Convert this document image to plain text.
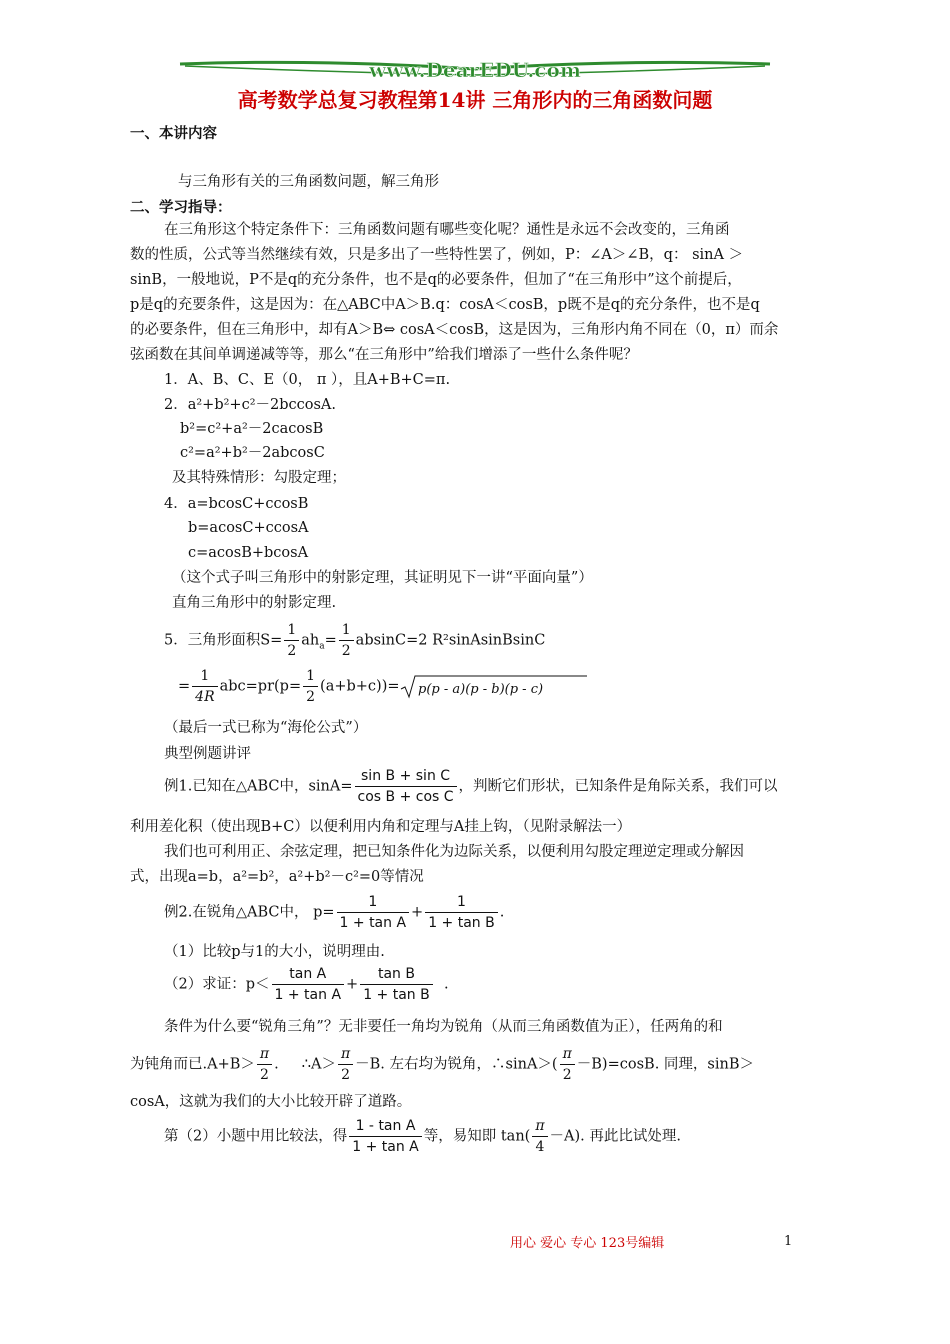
www.DearEDU.com
高考数学总复习教程第14讲 三角形内的三角函数问题
一、本讲内容
与三角形有关的三角函数问题，解三角形
二、学习指导：
在三角形这个特定条件下：三角函数问题有哪些变化呢？通性是永远不会改变的，三角函
数的性质，公式等当然继续有效，只是多出了一些特性罢了，例如，P：∠A＞∠B，q： sinA ＞
sinB，一般地说，P不是q的充分条件，也不是q的必要条件，但加了“在三角形中”这个前提后，
p是q的充要条件，这是因为：在△ABC中A＞B.q：cosA＜cosB，p既不是q的充分条件，也不是q
的必要条件，但在三角形中，却有A＞B⇔ cosA＜cosB，这是因为，三角形内角不同在（0，π）而余
弦函数在其间单调递减等等，那么“在三角形中”给我们增添了一些什么条件呢？
1．A、B、C、E（0， π ），且A+B+C=π.
2．a²+b²+c²－2bccosA.
b²=c²+a²－2cacosB
c²=a²+b²－2abcosC
及其特殊情形：勾股定理；
4．a=bcosC+ccosB
b=acosC+ccosA
c=acosB+bcosA
（这个式子叫三角形中的射影定理，其证明见下一讲“平面向量”）
直角三角形中的射影定理.
5．三角形面积$S= \frac{1}{2} ah_a= \frac{1}{2} absinC=2$ R²sinAsinBsinC
= $\frac{1}{4R} abc=pr(p= \frac{1}{2} (a+b+c))= p(p - a)(p - b)(p - c)$
（最后一式已称为“海伦公式”）
典型例题讲评
例1.已知在△ABC中，$\sin A= \frac{\text{sin B + sin C}}{\text{cos B + cos C}}$ ，判断它们形状，已知条件是角际关系，我们可以
利用差化积（使出现B+C）以便利用内角和定理与A挂上钩，（见附录解法一）
我们也可利用正、余弦定理，把已知条件化为边际关系，以便利用勾股定理逆定理或分解因
式，出现a=b，a²=b²，a²+b²－c²=0等情况
例2.在锐角△ABC中， $p= \frac{1}{\text{1 + tan A}} + \frac{1}{\text{1 + tan B}}$ .
（1）比较p与1的大小，说明理由.
（2）求证：$p< \frac{\text{tan A}}{\text{1 + tan A}} + \frac{\text{tan B}}{\text{1 + tan B}}$ .
条件为什么要“锐角三角”？无非要任一角均为锐角（从而三角函数值为正），任两角的和
为钝角而已$.A+B> \frac{\pi}{2}$ .     ∴A＞ $\frac{\pi}{2} -B$. 左右均为锐角，∴sinA＞( $\frac{\pi}{2} -B)=\cos B$. 同理，sinB＞
cosA，这就为我们的大小比较开辟了道路。
第（2）小题中用比较法，得 $\frac{\text{1 - tan A}}{\text{1 + tan A}}$ 等，易知即 $\tan( \frac{\pi}{4} -A)$. 再此比试处理.
用心 爱心 专心 123号编辑	1
